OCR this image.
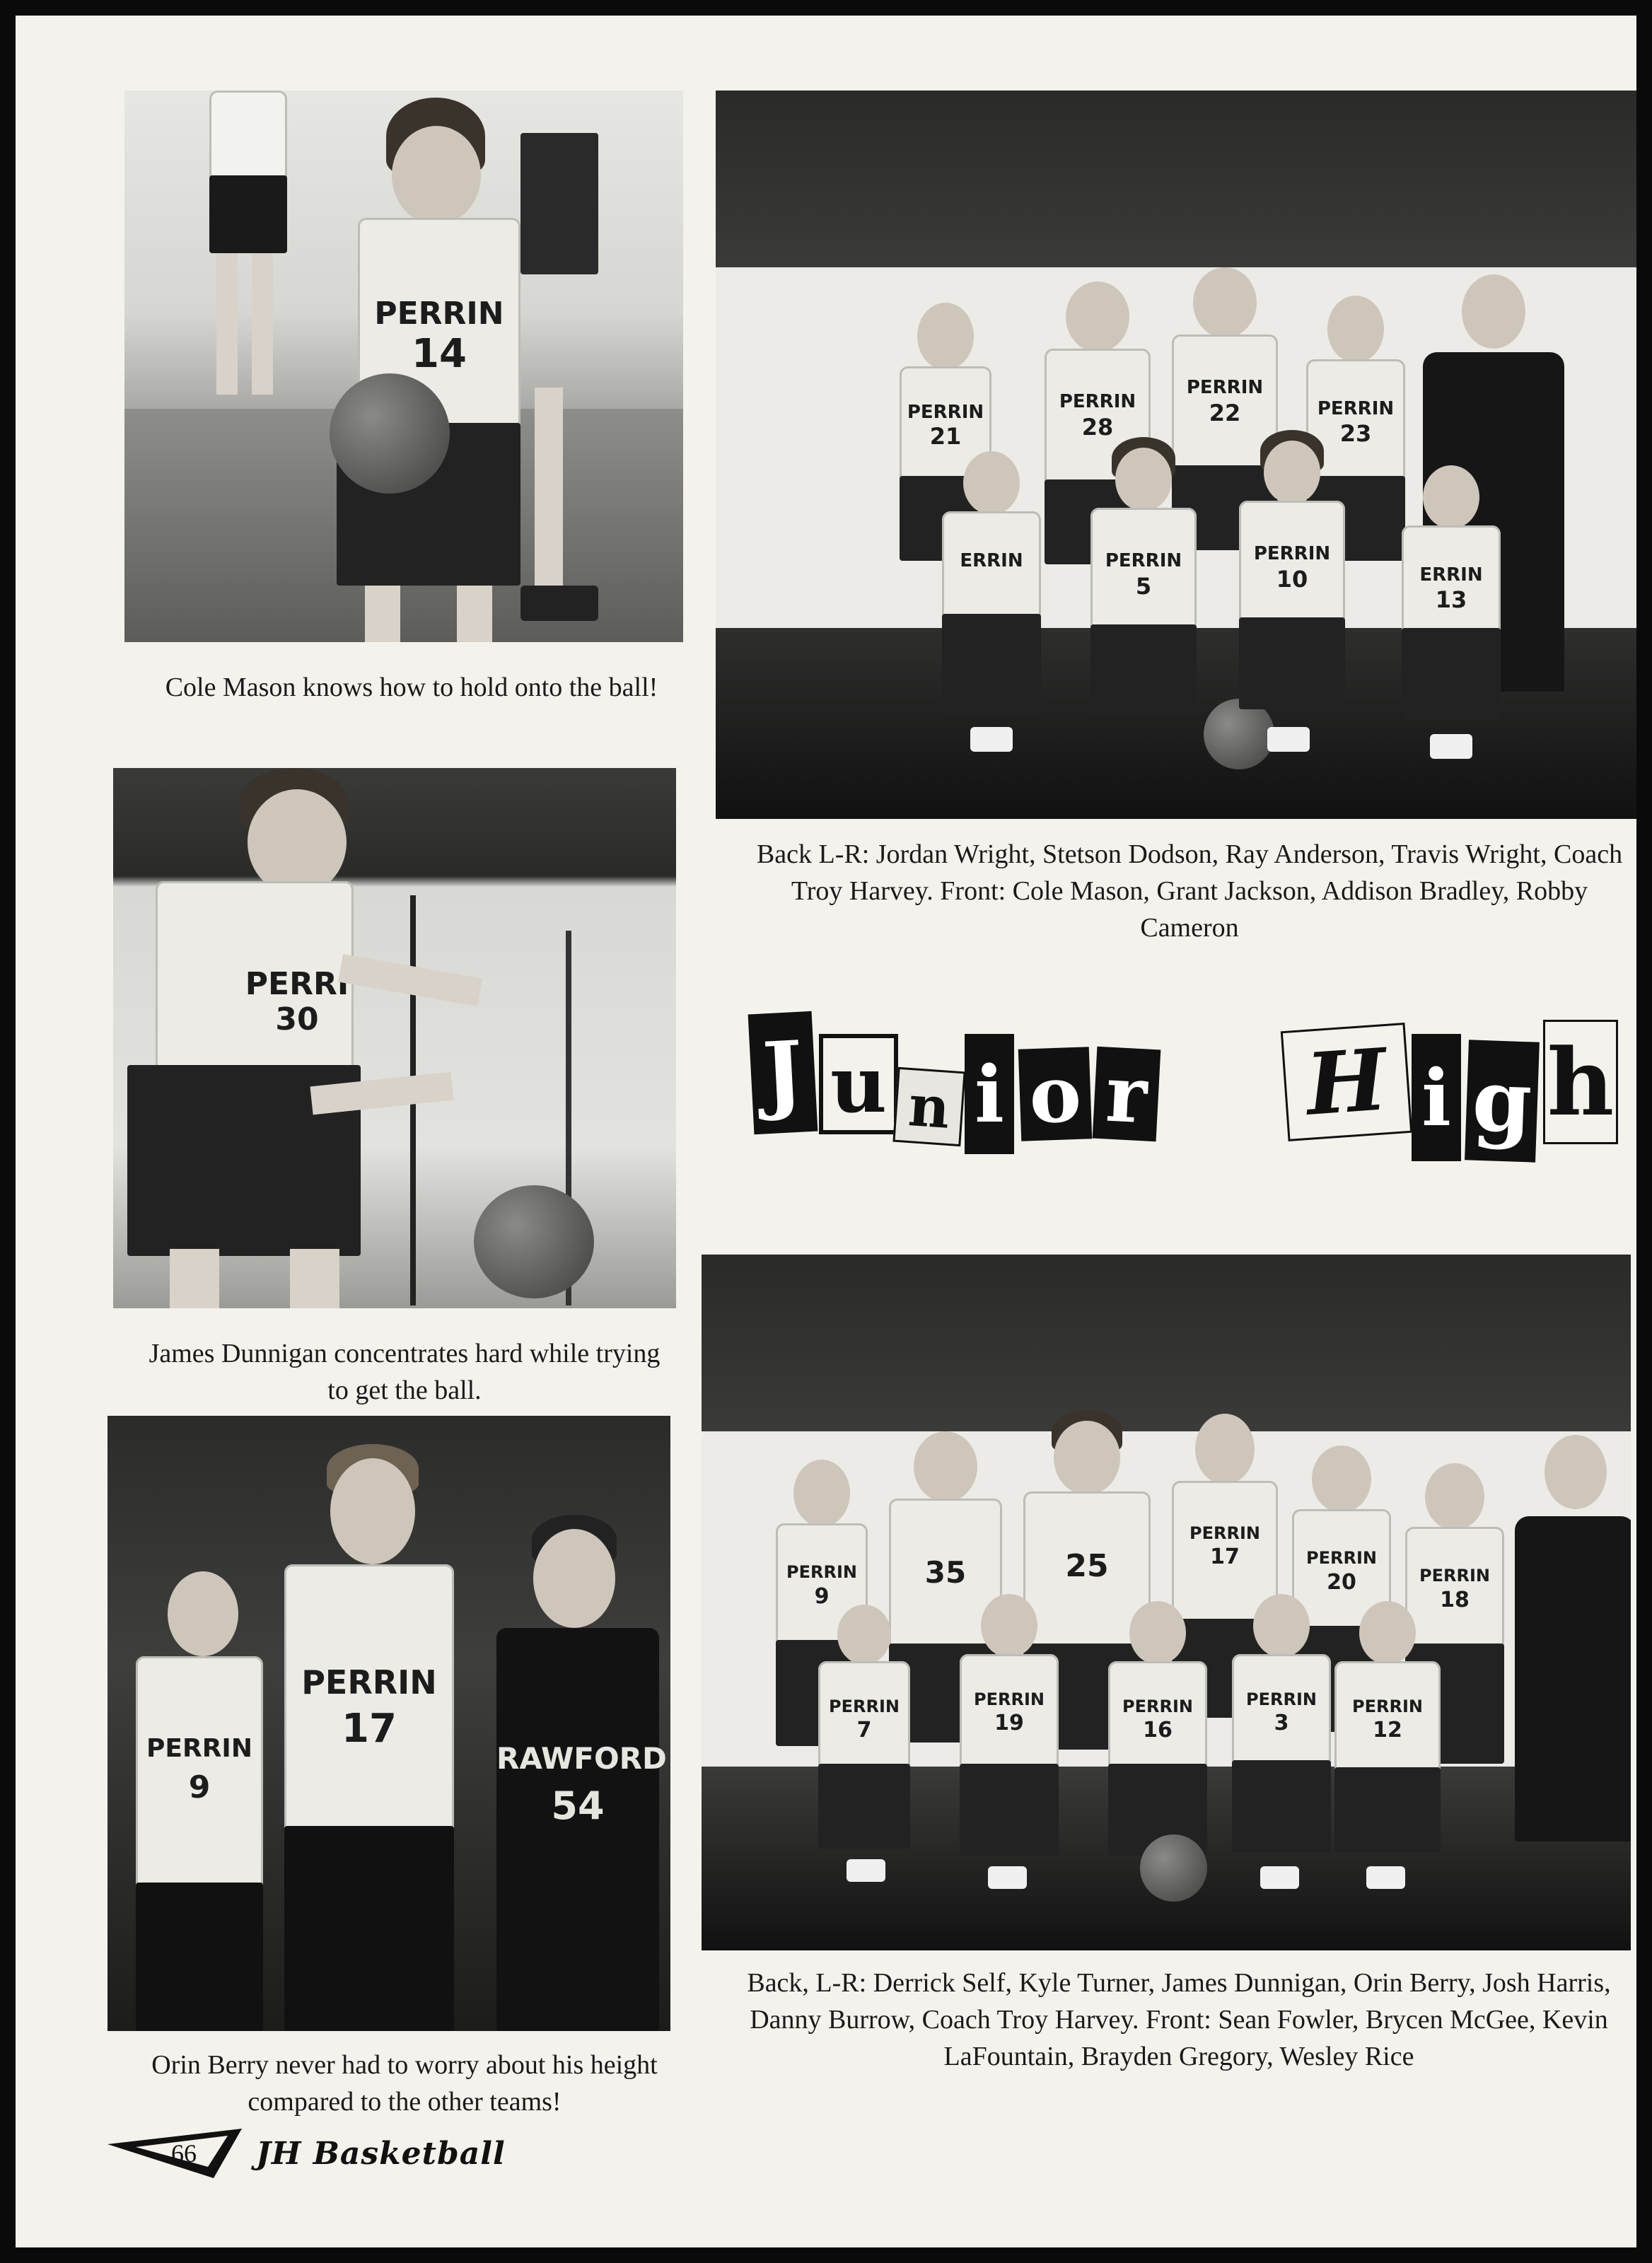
PERRIN
14
Cole Mason knows how to hold onto the ball!
PERRIN
21
PERRIN
28
PERRIN
22	PERRIN
23
ERRIN	PERRIN
5
PERRIN
10	ERRIN
13
Back L-R: Jordan Wright, Stetson Dodson, Ray Anderson, Travis Wright, Coach Troy Harvey. Front: Cole Mason, Grant Jackson, Addison Bradley, Robby Cameron
J u n i o r H i g h
PERRI
30
James Dunnigan concentrates hard while trying to get the ball.
PERRIN
9
PERRIN
17
RAWFORD
54
Orin Berry never had to worry about his height compared to the other teams!
PERRIN
9
35	25
PERRIN
17	PERRIN
20	PERRIN
18
PERRIN
7
PERRIN
19
PERRIN
16
PERRIN
3
PERRIN
12
Back, L-R: Derrick Self, Kyle Turner, James Dunnigan, Orin Berry, Josh Harris, Danny Burrow, Coach Troy Harvey. Front: Sean Fowler, Brycen McGee, Kevin LaFountain, Brayden Gregory, Wesley Rice
66 JH Basketball
